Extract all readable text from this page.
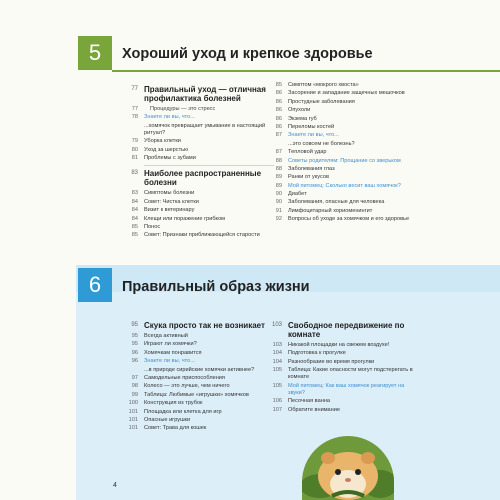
5	Хороший уход и крепкое здоровье
77 Правильный уход — отличная профилактика болезней
77	Процедуры — это стресс
78 Знаете ли вы, что...
...хомячок превращает умывание в настоящий ритуал?
79 Уборка клетки
80 Уход за шерстью
81 Проблемы с зубами
83 Наиболее распространенные болезни
83 Симптомы болезни
84 Совет: Чистка клетки
84 Визит к ветеринару
84 Клещи или поражение грибком
85 Понос
85 Совет: Признаки приближающейся старости
85 Симптом «мокрого хвоста»
86 Засорение и западание защечных мешочков
86 Простудные заболевания
86 Опухоли
86 Экзема губ
86 Переломы костей
87 Знаете ли вы, что...
...это совсем не болезнь?
87 Тепловой удар
88 Советы родителям: Прощание со зверьком
88 Заболевания глаз
89 Ранки от укусов
89 Мой питомец: Сколько весит ваш хомячок?
90 Диабет
90 Заболевания, опасные для человека
91 Лимфоцитарный хориоменингит
92 Вопросы об уходе за хомячком и его здоровье
6	Правильный образ жизни
95 Скука просто так не возникает
95 Всегда активный
95 Играют ли хомячки?
96 Хомячкам понравится
96 Знаете ли вы, что...
...в природе сирийские хомячки активнее?
97 Самодельные приспособления
98 Колесо — это лучше, чем ничего
99 Таблица: Любимые «игрушки» хомячков
100 Конструкция из трубок
101 Площадка или клетка для игр
101 Опасные игрушки
101 Совет: Трава для кошек
103 Свободное передвижение по комнате
103 Никакой площадки на свежем воздухе!
104 Подготовка к прогулке
104 Разнообразие во время прогулки
105 Таблица: Какие опасности могут подстерегать в комнате
105 Мой питомец: Как ваш хомячок реагирует на звуки?
106 Песочная ванна
107 Обратите внимание
4
